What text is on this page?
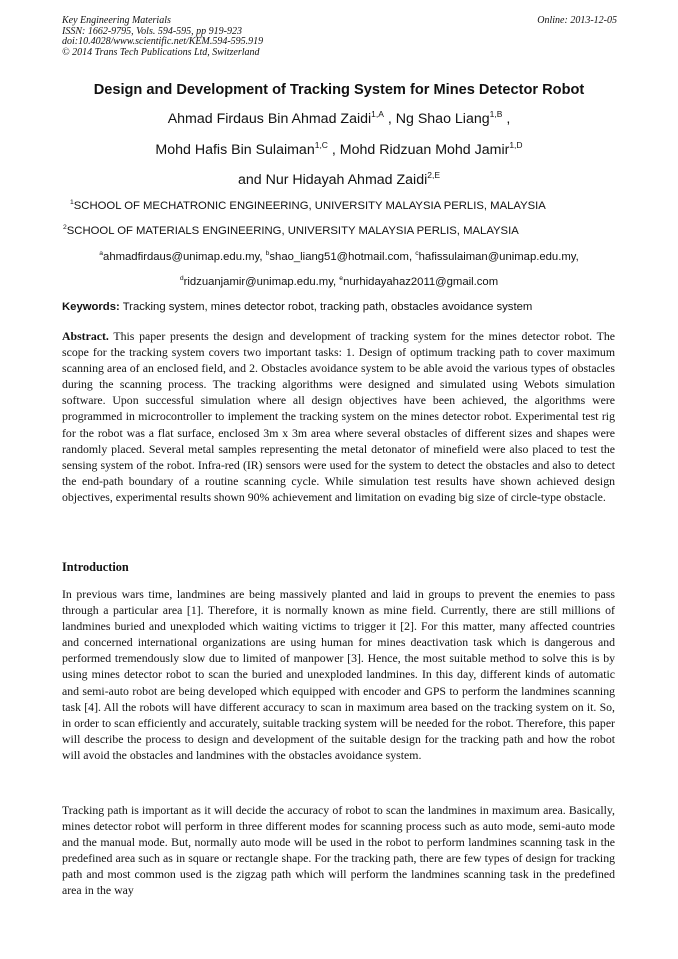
Key Engineering Materials
ISSN: 1662-9795, Vols. 594-595, pp 919-923
doi:10.4028/www.scientific.net/KEM.594-595.919
© 2014 Trans Tech Publications Ltd, Switzerland
Online: 2013-12-05
Design and Development of Tracking System for Mines Detector Robot
Ahmad Firdaus Bin Ahmad Zaidi$^{1,A}$ , Ng Shao Liang$^{1,B}$ ,
Mohd Hafis Bin Sulaiman$^{1,C}$ , Mohd Ridzuan Mohd Jamir$^{1,D}$
and Nur Hidayah Ahmad Zaidi$^{2,E}$
$^1$SCHOOL OF MECHATRONIC ENGINEERING, UNIVERSITY MALAYSIA PERLIS, MALAYSIA
$^2$SCHOOL OF MATERIALS ENGINEERING, UNIVERSITY MALAYSIA PERLIS, MALAYSIA
$^a$ahmadfirdaus@unimap.edu.my, $^b$shao_liang51@hotmail.com, $^c$hafissulaiman@unimap.edu.my,
$^d$ridzuanjamir@unimap.edu.my, $^e$nurhidayahaz2011@gmail.com
Keywords: Tracking system, mines detector robot, tracking path, obstacles avoidance system

Abstract. This paper presents the design and development of tracking system for the mines detector robot. The scope for the tracking system covers two important tasks: 1. Design of optimum tracking path to cover maximum scanning area of an enclosed field, and 2. Obstacles avoidance system to be able avoid the various types of obstacles during the scanning process. The tracking algorithms were designed and simulated using Webots simulation software. Upon successful simulation where all design objectives have been achieved, the algorithms were programmed in microcontroller to implement the tracking system on the mines detector robot. Experimental test rig for the robot was a flat surface, enclosed 3m x 3m area where several obstacles of different sizes and shapes were randomly placed. Several metal samples representing the metal detonator of minefield were also placed to test the sensing system of the robot. Infra-red (IR) sensors were used for the system to detect the obstacles and also to detect the end-path boundary of a routine scanning cycle. While simulation test results have shown achieved design objectives, experimental results shown 90% achievement and limitation on evading big size of circle-type obstacle.

Introduction

In previous wars time, landmines are being massively planted and laid in groups to prevent the enemies to pass through a particular area [1]. Therefore, it is normally known as mine field. Currently, there are still millions of landmines buried and unexploded which waiting victims to trigger it [2]. For this matter, many affected countries and concerned international organizations are using human for mines deactivation task which is dangerous and performed tremendously slow due to limited of manpower [3]. Hence, the most suitable method to solve this is by using mines detector robot to scan the buried and unexploded landmines. In this day, different kinds of automatic and semi-auto robot are being developed which equipped with encoder and GPS to perform the landmines scanning task [4]. All the robots will have different accuracy to scan in maximum area based on the tracking system on it. So, in order to scan efficiently and accurately, suitable tracking system will be needed for the robot. Therefore, this paper will describe the process to design and development of the suitable design for the tracking path and how the robot will avoid the obstacles and landmines with the obstacles avoidance system.

Tracking path is important as it will decide the accuracy of robot to scan the landmines in maximum area. Basically, mines detector robot will perform in three different modes for scanning process such as auto mode, semi-auto mode and the manual mode. But, normally auto mode will be used in the robot to perform landmines scanning task in the predefined area such as in square or rectangle shape. For the tracking path, there are few types of design for tracking path and most common used is the zigzag path which will perform the landmines scanning task in the predefined area in the way
